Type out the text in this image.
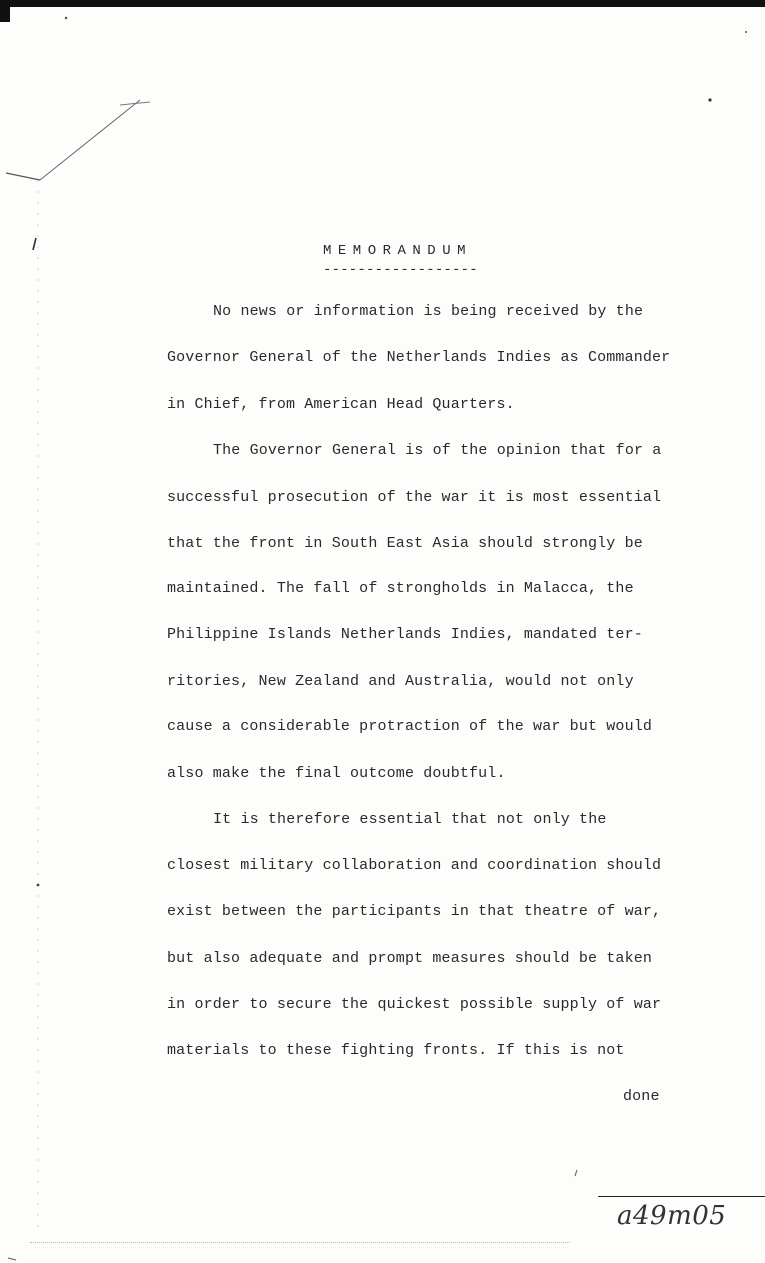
MEMORANDUM
------------------
No news or information is being received by the
Governor General of the Netherlands Indies as Commander
in Chief, from American Head Quarters.
The Governor General is of the opinion that for a
successful prosecution of the war it is most essential
that the front in South East Asia should strongly be
maintained. The fall of strongholds in Malacca, the
Philippine Islands Netherlands Indies, mandated ter-
ritories, New Zealand and Australia, would not only
cause a considerable protraction of the war but would
also make the final outcome doubtful.
It is therefore essential that not only the
closest military collaboration and coordination should
exist between the participants in that theatre of war,
but also adequate and prompt measures should be taken
in order to secure the quickest possible supply of war
materials to these fighting fronts. If this is not
done
a49m05
